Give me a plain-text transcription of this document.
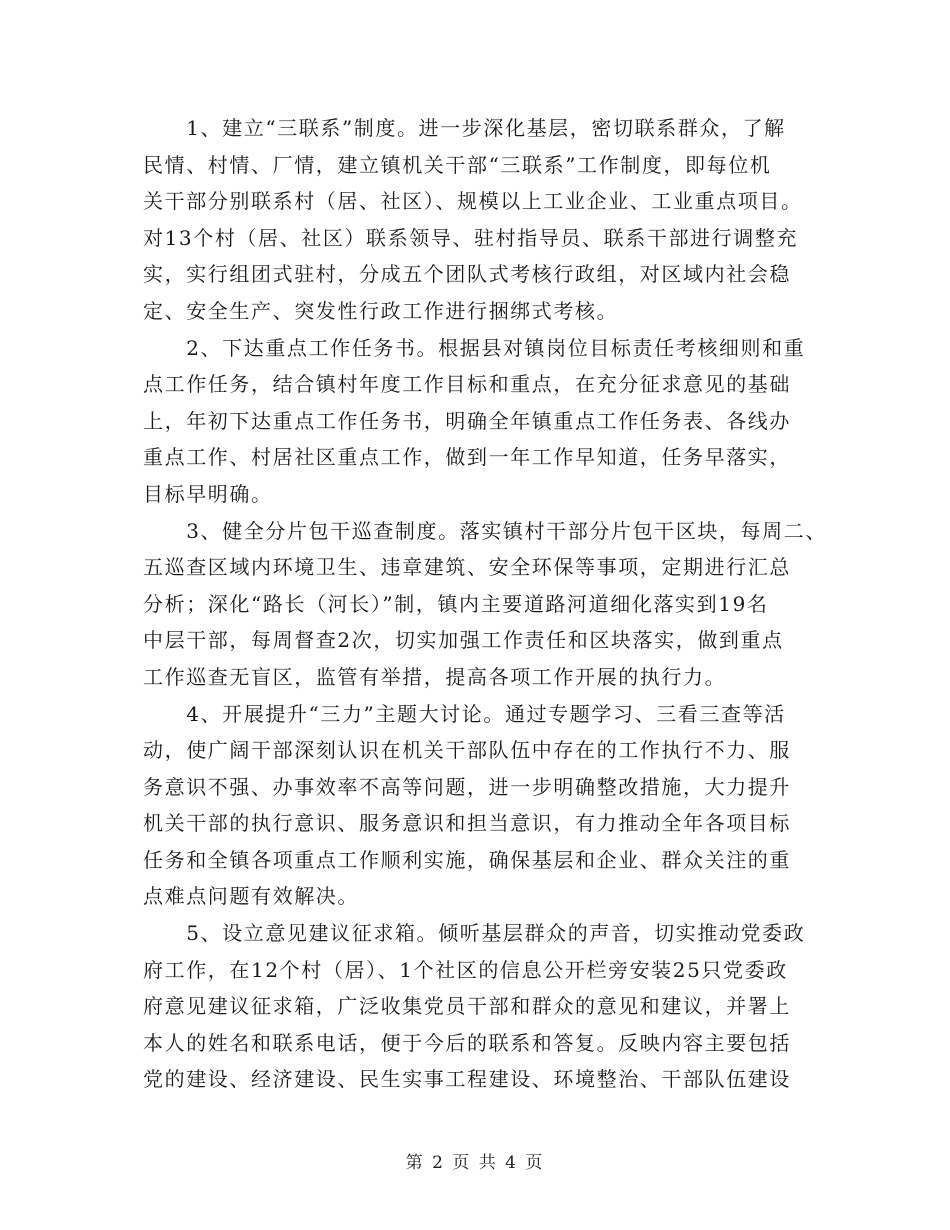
　　1、建立“三联系”制度。进一步深化基层，密切联系群众，了解
民情、村情、厂情，建立镇机关干部“三联系”工作制度，即每位机
关干部分别联系村（居、社区）、规模以上工业企业、工业重点项目。
对13个村（居、社区）联系领导、驻村指导员、联系干部进行调整充
实，实行组团式驻村，分成五个团队式考核行政组，对区域内社会稳
定、安全生产、突发性行政工作进行捆绑式考核。
　　2、下达重点工作任务书。根据县对镇岗位目标责任考核细则和重
点工作任务，结合镇村年度工作目标和重点，在充分征求意见的基础
上，年初下达重点工作任务书，明确全年镇重点工作任务表、各线办
重点工作、村居社区重点工作，做到一年工作早知道，任务早落实，
目标早明确。
　　3、健全分片包干巡查制度。落实镇村干部分片包干区块，每周二、
五巡查区域内环境卫生、违章建筑、安全环保等事项，定期进行汇总
分析；深化“路长（河长）”制，镇内主要道路河道细化落实到19名
中层干部，每周督查2次，切实加强工作责任和区块落实，做到重点
工作巡查无盲区，监管有举措，提高各项工作开展的执行力。
　　4、开展提升“三力”主题大讨论。通过专题学习、三看三查等活
动，使广阔干部深刻认识在机关干部队伍中存在的工作执行不力、服
务意识不强、办事效率不高等问题，进一步明确整改措施，大力提升
机关干部的执行意识、服务意识和担当意识，有力推动全年各项目标
任务和全镇各项重点工作顺利实施，确保基层和企业、群众关注的重
点难点问题有效解决。
　　5、设立意见建议征求箱。倾听基层群众的声音，切实推动党委政
府工作，在12个村（居）、1个社区的信息公开栏旁安装25只党委政
府意见建议征求箱，广泛收集党员干部和群众的意见和建议，并署上
本人的姓名和联系电话，便于今后的联系和答复。反映内容主要包括
党的建设、经济建设、民生实事工程建设、环境整治、干部队伍建设
第 2 页 共 4 页
